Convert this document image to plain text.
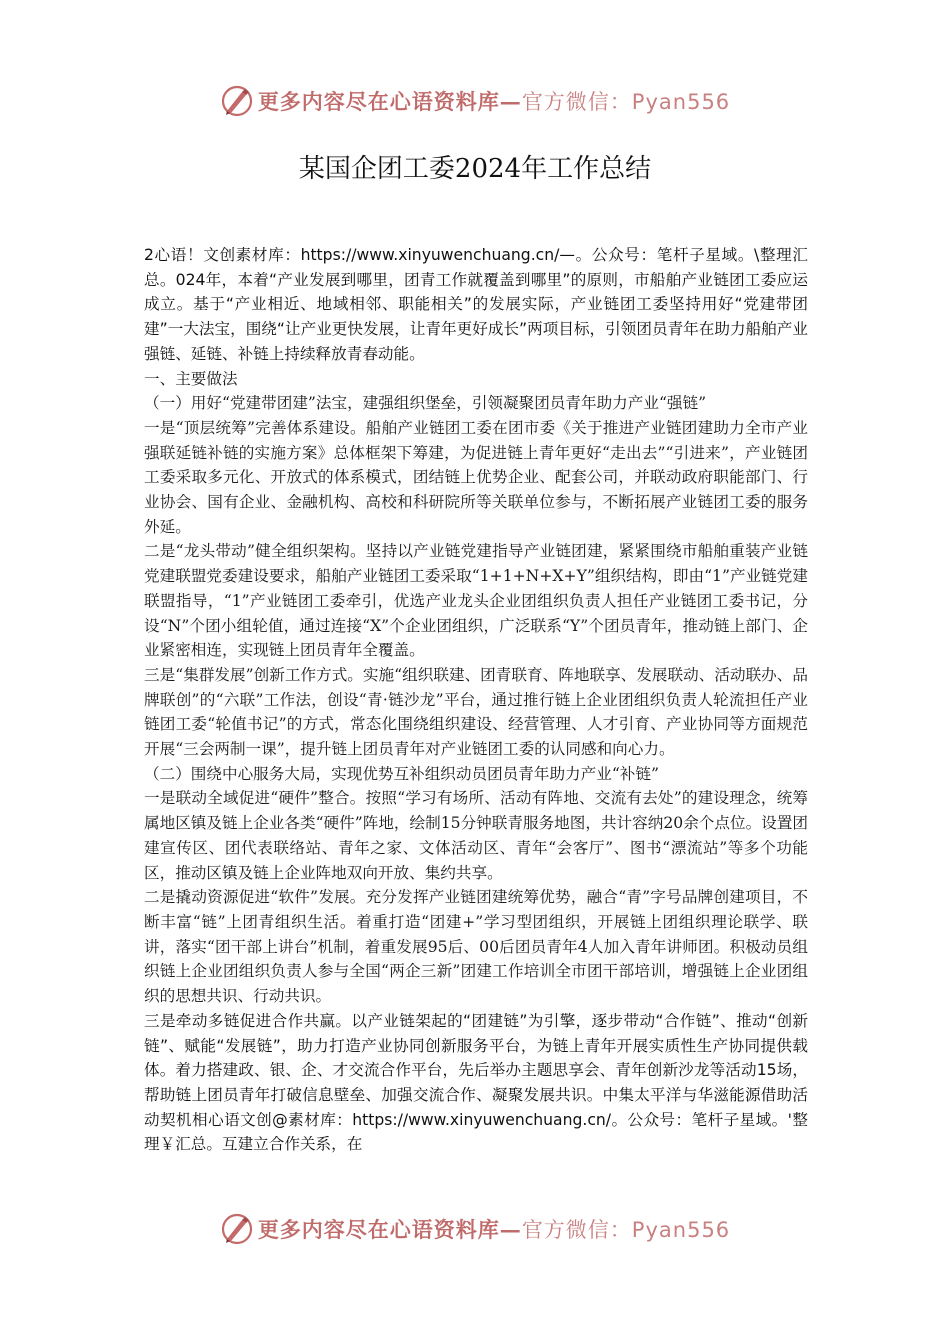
更多内容尽在心语资料库— 官方微信：Pyan556
某国企团工委2024年工作总结

2心语！文创素材库：https://www.xinyuwenchuang.cn/—。公众号：笔杆子星域。\整理汇总。024年，本着“产业发展到哪里，团青工作就覆盖到哪里”的原则，市船舶产业链团工委应运成立。基于“产业相近、地域相邻、职能相关”的发展实际，产业链团工委坚持用好“党建带团建”一大法宝，围绕“让产业更快发展，让青年更好成长”两项目标，引领团员青年在助力船舶产业强链、延链、补链上持续释放青春动能。

一、主要做法

（一）用好“党建带团建”法宝，建强组织堡垒，引领凝聚团员青年助力产业“强链”

一是“顶层统筹”完善体系建设。船舶产业链团工委在团市委《关于推进产业链团建助力全市产业强联延链补链的实施方案》总体框架下筹建，为促进链上青年更好“走出去”“引进来”，产业链团工委采取多元化、开放式的体系模式，团结链上优势企业、配套公司，并联动政府职能部门、行业协会、国有企业、金融机构、高校和科研院所等关联单位参与，不断拓展产业链团工委的服务外延。

二是“龙头带动”健全组织架构。坚持以产业链党建指导产业链团建，紧紧围绕市船舶重装产业链党建联盟党委建设要求，船舶产业链团工委采取“1+1+N+X+Y”组织结构，即由“1”产业链党建联盟指导，“1”产业链团工委牵引，优选产业龙头企业团组织负责人担任产业链团工委书记，分设“N”个团小组轮值，通过连接“X”个企业团组织，广泛联系“Y”个团员青年，推动链上部门、企业紧密相连，实现链上团员青年全覆盖。

三是“集群发展”创新工作方式。实施“组织联建、团青联育、阵地联享、发展联动、活动联办、品牌联创”的“六联”工作法，创设“青·链沙龙”平台，通过推行链上企业团组织负责人轮流担任产业链团工委“轮值书记”的方式，常态化围绕组织建设、经营管理、人才引育、产业协同等方面规范开展“三会两制一课”，提升链上团员青年对产业链团工委的认同感和向心力。

（二）围绕中心服务大局，实现优势互补组织动员团员青年助力产业“补链”

一是联动全域促进“硬件”整合。按照“学习有场所、活动有阵地、交流有去处”的建设理念，统筹属地区镇及链上企业各类“硬件”阵地，绘制15分钟联青服务地图，共计容纳20余个点位。设置团建宣传区、团代表联络站、青年之家、文体活动区、青年“会客厅”、图书“漂流站”等多个功能区，推动区镇及链上企业阵地双向开放、集约共享。

二是撬动资源促进“软件”发展。充分发挥产业链团建统筹优势，融合“青”字号品牌创建项目，不断丰富“链”上团青组织生活。着重打造“团建+”学习型团组织，开展链上团组织理论联学、联讲，落实“团干部上讲台”机制，着重发展95后、00后团员青年4人加入青年讲师团。积极动员组织链上企业团组织负责人参与全国“两企三新”团建工作培训全市团干部培训，增强链上企业团组织的思想共识、行动共识。

三是牵动多链促进合作共赢。以产业链架起的“团建链”为引擎，逐步带动“合作链”、推动“创新链”、赋能“发展链”，助力打造产业协同创新服务平台，为链上青年开展实质性生产协同提供载体。着力搭建政、银、企、才交流合作平台，先后举办主题思享会、青年创新沙龙等活动15场，帮助链上团员青年打破信息壁垒、加强交流合作、凝聚发展共识。中集太平洋与华滋能源借助活动契机相心语文创@素材库：https://www.xinyuwenchuang.cn/。公众号：笔杆子星域。'整理￥汇总。互建立合作关系，在

更多内容尽在心语资料库— 官方微信：Pyan556
